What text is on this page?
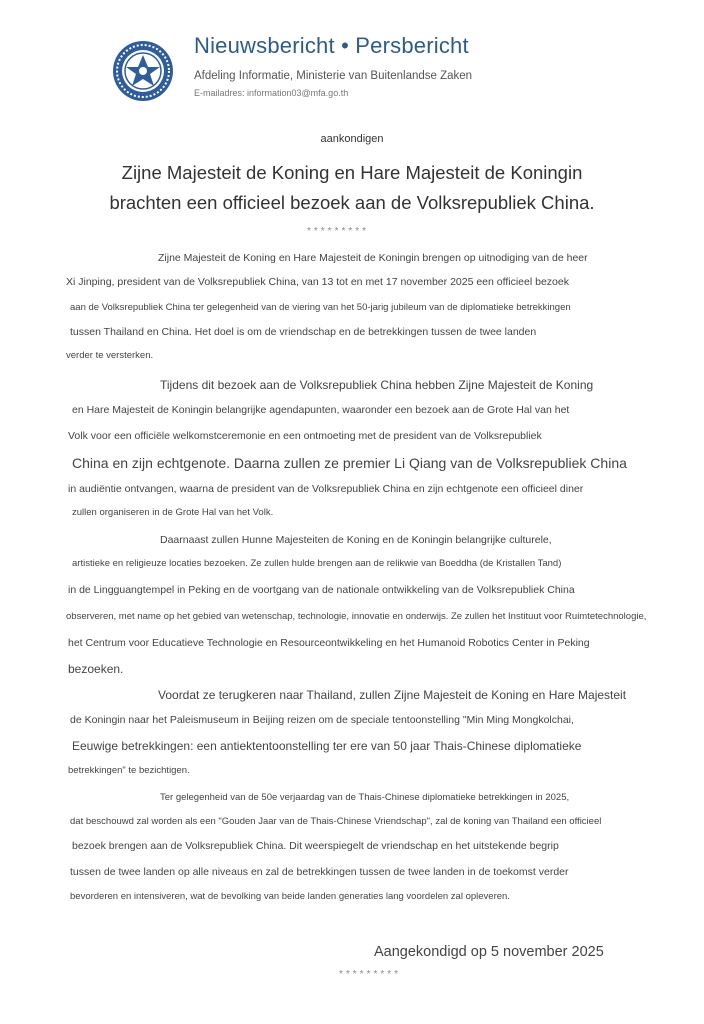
Nieuwsbericht • Persbericht
Afdeling Informatie, Ministerie van Buitenlandse Zaken
E-mailadres: information03@mfa.go.th
aankondigen
Zijne Majesteit de Koning en Hare Majesteit de Koningin
brachten een officieel bezoek aan de Volksrepubliek China.
*********
Zijne Majesteit de Koning en Hare Majesteit de Koningin brengen op uitnodiging van de heer
Xi Jinping, president van de Volksrepubliek China, van 13 tot en met 17 november 2025 een officieel bezoek
aan de Volksrepubliek China ter gelegenheid van de viering van het 50-jarig jubileum van de diplomatieke betrekkingen
tussen Thailand en China. Het doel is om de vriendschap en de betrekkingen tussen de twee landen
verder te versterken.
Tijdens dit bezoek aan de Volksrepubliek China hebben Zijne Majesteit de Koning
en Hare Majesteit de Koningin belangrijke agendapunten, waaronder een bezoek aan de Grote Hal van het
Volk voor een officiële welkomstceremonie en een ontmoeting met de president van de Volksrepubliek
China en zijn echtgenote. Daarna zullen ze premier Li Qiang van de Volksrepubliek China
in audiëntie ontvangen, waarna de president van de Volksrepubliek China en zijn echtgenote een officieel diner
zullen organiseren in de Grote Hal van het Volk.
Daarnaast zullen Hunne Majesteiten de Koning en de Koningin belangrijke culturele,
artistieke en religieuze locaties bezoeken. Ze zullen hulde brengen aan de relikwie van Boeddha (de Kristallen Tand)
in de Lingguangtempel in Peking en de voortgang van de nationale ontwikkeling van de Volksrepubliek China
observeren, met name op het gebied van wetenschap, technologie, innovatie en onderwijs. Ze zullen het Instituut voor Ruimtetechnologie,
het Centrum voor Educatieve Technologie en Resourceontwikkeling en het Humanoid Robotics Center in Peking
bezoeken.
Voordat ze terugkeren naar Thailand, zullen Zijne Majesteit de Koning en Hare Majesteit
de Koningin naar het Paleismuseum in Beijing reizen om de speciale tentoonstelling "Min Ming Mongkolchai,
Eeuwige betrekkingen: een antiektentoonstelling ter ere van 50 jaar Thais-Chinese diplomatieke
betrekkingen" te bezichtigen.
Ter gelegenheid van de 50e verjaardag van de Thais-Chinese diplomatieke betrekkingen in 2025,
dat beschouwd zal worden als een "Gouden Jaar van de Thais-Chinese Vriendschap", zal de koning van Thailand een officieel
bezoek brengen aan de Volksrepubliek China. Dit weerspiegelt de vriendschap en het uitstekende begrip
tussen de twee landen op alle niveaus en zal de betrekkingen tussen de twee landen in de toekomst verder
bevorderen en intensiveren, wat de bevolking van beide landen generaties lang voordelen zal opleveren.
Aangekondigd op 5 november 2025
*********
